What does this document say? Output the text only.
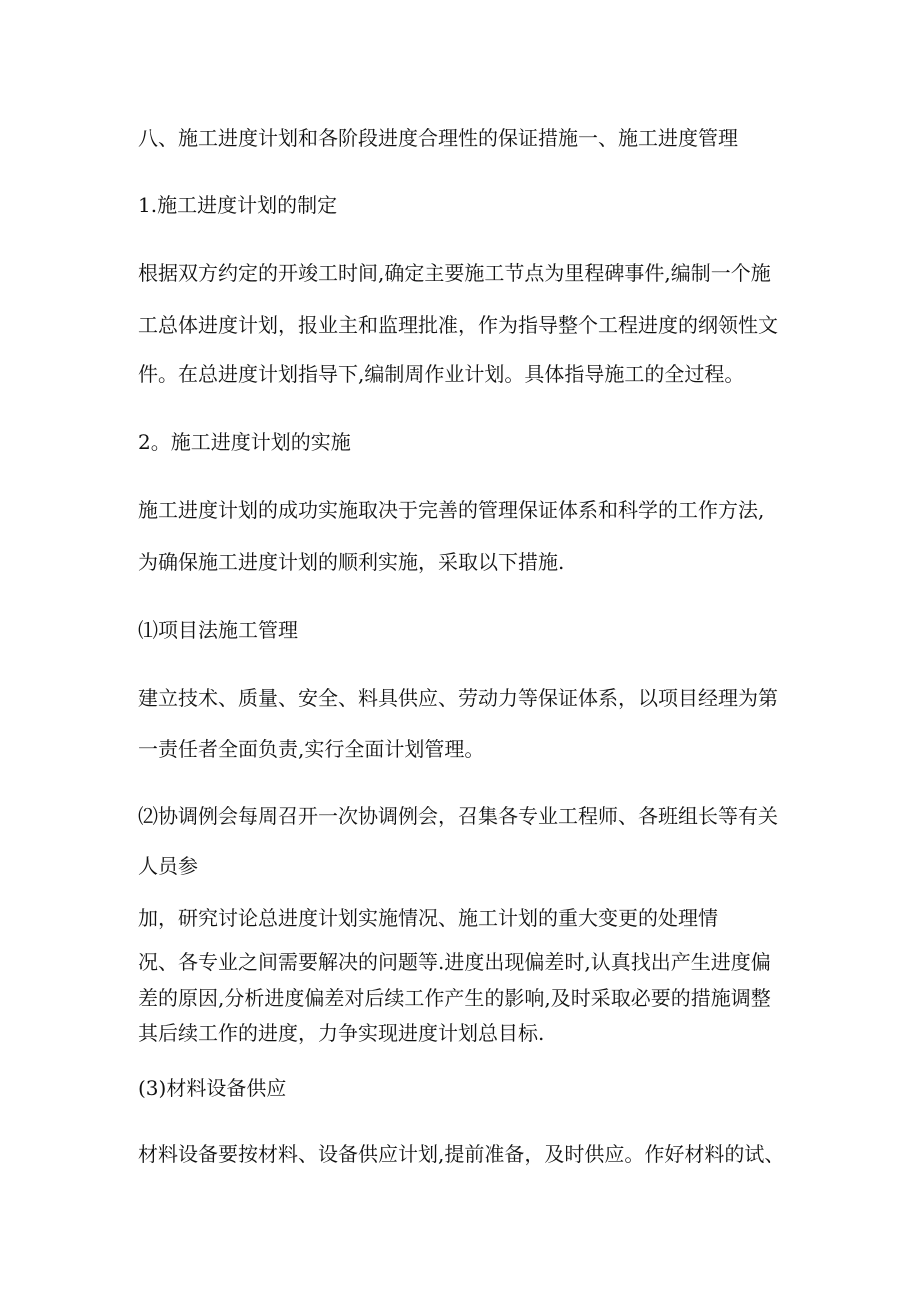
八、施工进度计划和各阶段进度合理性的保证措施一、施工进度管理

1.施工进度计划的制定

根据双方约定的开竣工时间,确定主要施工节点为里程碑事件,编制一个施

工总体进度计划，报业主和监理批准，作为指导整个工程进度的纲领性文

件。在总进度计划指导下,编制周作业计划。具体指导施工的全过程。

2。施工进度计划的实施

施工进度计划的成功实施取决于完善的管理保证体系和科学的工作方法,

为确保施工进度计划的顺利实施，采取以下措施.

⑴项目法施工管理

建立技术、质量、安全、料具供应、劳动力等保证体系，以项目经理为第

一责任者全面负责,实行全面计划管理。

⑵协调例会每周召开一次协调例会，召集各专业工程师、各班组长等有关

人员参

加，研究讨论总进度计划实施情况、施工计划的重大变更的处理情

况、各专业之间需要解决的问题等.进度出现偏差时,认真找出产生进度偏

差的原因,分析进度偏差对后续工作产生的影响,及时采取必要的措施调整

其后续工作的进度，力争实现进度计划总目标.

(3)材料设备供应

材料设备要按材料、设备供应计划,提前准备，及时供应。作好材料的试、
